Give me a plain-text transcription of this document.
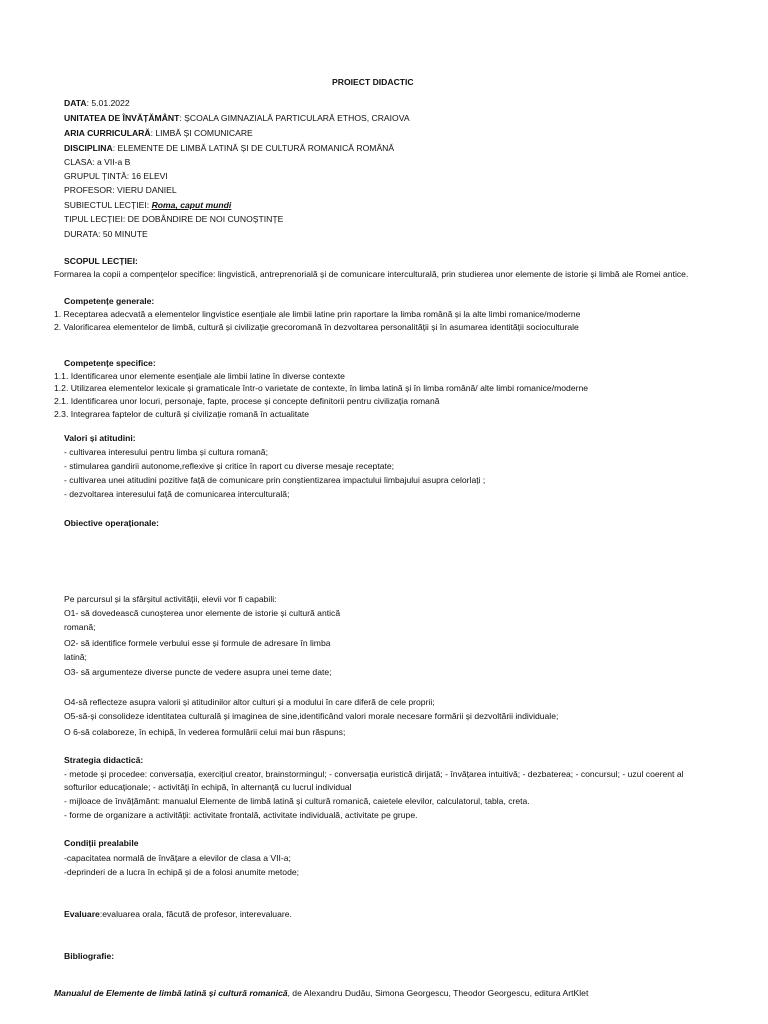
PROIECT DIDACTIC
DATA: 5.01.2022
UNITATEA DE ÎNVĂȚĂMÂNT: ȘCOALA GIMNAZIALĂ PARTICULARĂ ETHOS, CRAIOVA
ARIA CURRICULARĂ: LIMBĂ ȘI COMUNICARE
DISCIPLINA: ELEMENTE DE LIMBĂ LATINĂ ȘI DE CULTURĂ ROMANICĂ ROMÂNĂ
CLASA: a VII-a B
GRUPUL ȚINTĂ: 16 ELEVI
PROFESOR: VIERU DANIEL
SUBIECTUL LECȚIEI: Roma, caput mundi
TIPUL LECȚIEI: DE DOBÂNDIRE DE NOI CUNOȘTINȚE
DURATA: 50 MINUTE
SCOPUL LECȚIEI:
Formarea la copii a compențelor specifice: lingvistică, antreprenorială și de comunicare interculturală, prin studierea unor elemente de istorie și limbă ale Romei antice.
Competențe generale:
1. Receptarea adecvată a elementelor lingvistice esențiale ale limbii latine prin raportare la limba română și la alte limbi romanice/moderne
2. Valorificarea elementelor de limbă, cultură și civilizație grecoromană în dezvoltarea personalității și în asumarea identității socioculturale
Competențe specifice:
1.1. Identificarea unor elemente esențiale ale limbii latine în diverse contexte
1.2. Utilizarea elementelor lexicale și gramaticale într-o varietate de contexte, în limba latină și în limba română/ alte limbi romanice/moderne
2.1. Identificarea unor locuri, personaje, fapte, procese și concepte definitorii pentru civilizația romană
2.3. Integrarea faptelor de cultură și civilizație romană în actualitate
Valori și atitudini:
- cultivarea interesului pentru limba și cultura romană;
- stimularea gandirii autonome,reflexive și critice în raport cu diverse mesaje receptate;
- cultivarea unei atitudini pozitive față de comunicare prin conștientizarea impactului limbajului asupra celorlați ;
- dezvoltarea interesului față de comunicarea interculturală;
Obiective operaționale:
Pe parcursul și la sfârșitul activității, elevii vor fi capabili:
O1- să dovedească cunoșterea unor elemente de istorie și cultură antică
romană;
O2- să identifice formele verbului esse și formule de adresare în limba
latină;
O3- să argumenteze diverse puncte de vedere asupra unei teme date;
O4-să reflecteze asupra valorii și atitudinilor altor culturi și a modului în care diferă de cele proprii;
O5-să-și consolideze identitatea culturală și imaginea de sine,identificând valori morale necesare formării și dezvoltării individuale;
O 6-să colaboreze, în echipă, în vederea formulării celui mai bun răspuns;
Strategia didactică:
- metode și procedee: conversația, exercițiul creator, brainstormingul; - conversația euristică dirijată; - învățarea intuitivă; - dezbaterea; - concursul; - uzul coerent al
softurilor educaționale; - activități în echipă, în alternanță cu lucrul individual
- mijloace de învățământ: manualul Elemente de limbă latină și cultură romanică, caietele elevilor, calculatorul, tabla, creta.
- forme de organizare a activității: activitate frontală, activitate individuală, activitate pe grupe.
Condiții prealabile
-capacitatea normală de învățare a elevilor de clasa a VII-a;
-deprinderi de a lucra în echipă și de a folosi anumite metode;
Evaluare:evaluarea orala, făcută de profesor, interevaluare.
Bibliografie:
Manualul de Elemente de limbă latină și cultură romanică, de Alexandru Dudău, Simona Georgescu, Theodor Georgescu, editura ArtKlet
